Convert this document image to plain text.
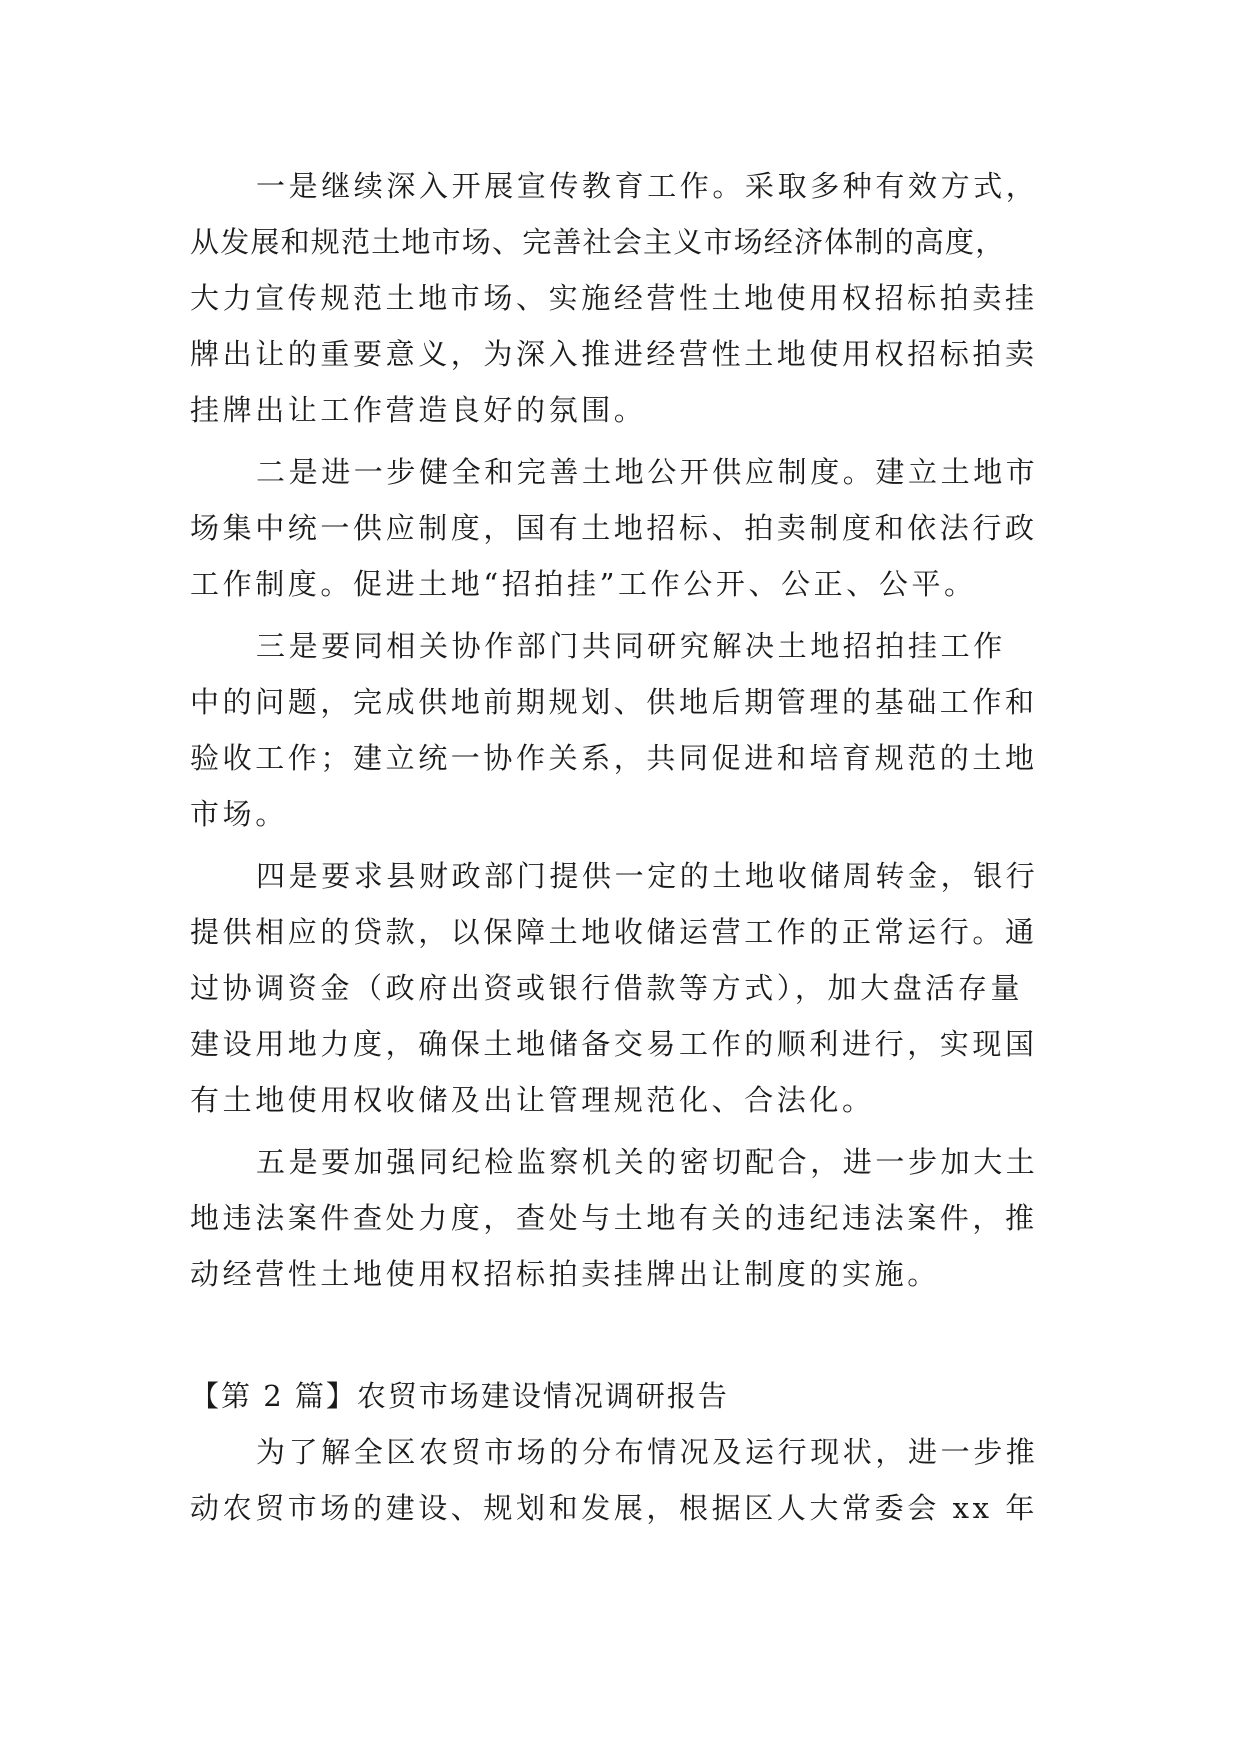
一是继续深入开展宣传教育工作。采取多种有效方式，
从发展和规范土地市场、完善社会主义市场经济体制的高度，
大力宣传规范土地市场、实施经营性土地使用权招标拍卖挂
牌出让的重要意义，为深入推进经营性土地使用权招标拍卖
挂牌出让工作营造良好的氛围。
二是进一步健全和完善土地公开供应制度。建立土地市
场集中统一供应制度，国有土地招标、拍卖制度和依法行政
工作制度。促进土地“招拍挂”工作公开、公正、公平。
三是要同相关协作部门共同研究解决土地招拍挂工作
中的问题，完成供地前期规划、供地后期管理的基础工作和
验收工作；建立统一协作关系，共同促进和培育规范的土地
市场。
四是要求县财政部门提供一定的土地收储周转金，银行
提供相应的贷款，以保障土地收储运营工作的正常运行。通
过协调资金（政府出资或银行借款等方式），加大盘活存量
建设用地力度，确保土地储备交易工作的顺利进行，实现国
有土地使用权收储及出让管理规范化、合法化。
五是要加强同纪检监察机关的密切配合，进一步加大土
地违法案件查处力度，查处与土地有关的违纪违法案件，推
动经营性土地使用权招标拍卖挂牌出让制度的实施。
【第 2 篇】农贸市场建设情况调研报告
为了解全区农贸市场的分布情况及运行现状，进一步推
动农贸市场的建设、规划和发展，根据区人大常委会 xx 年
